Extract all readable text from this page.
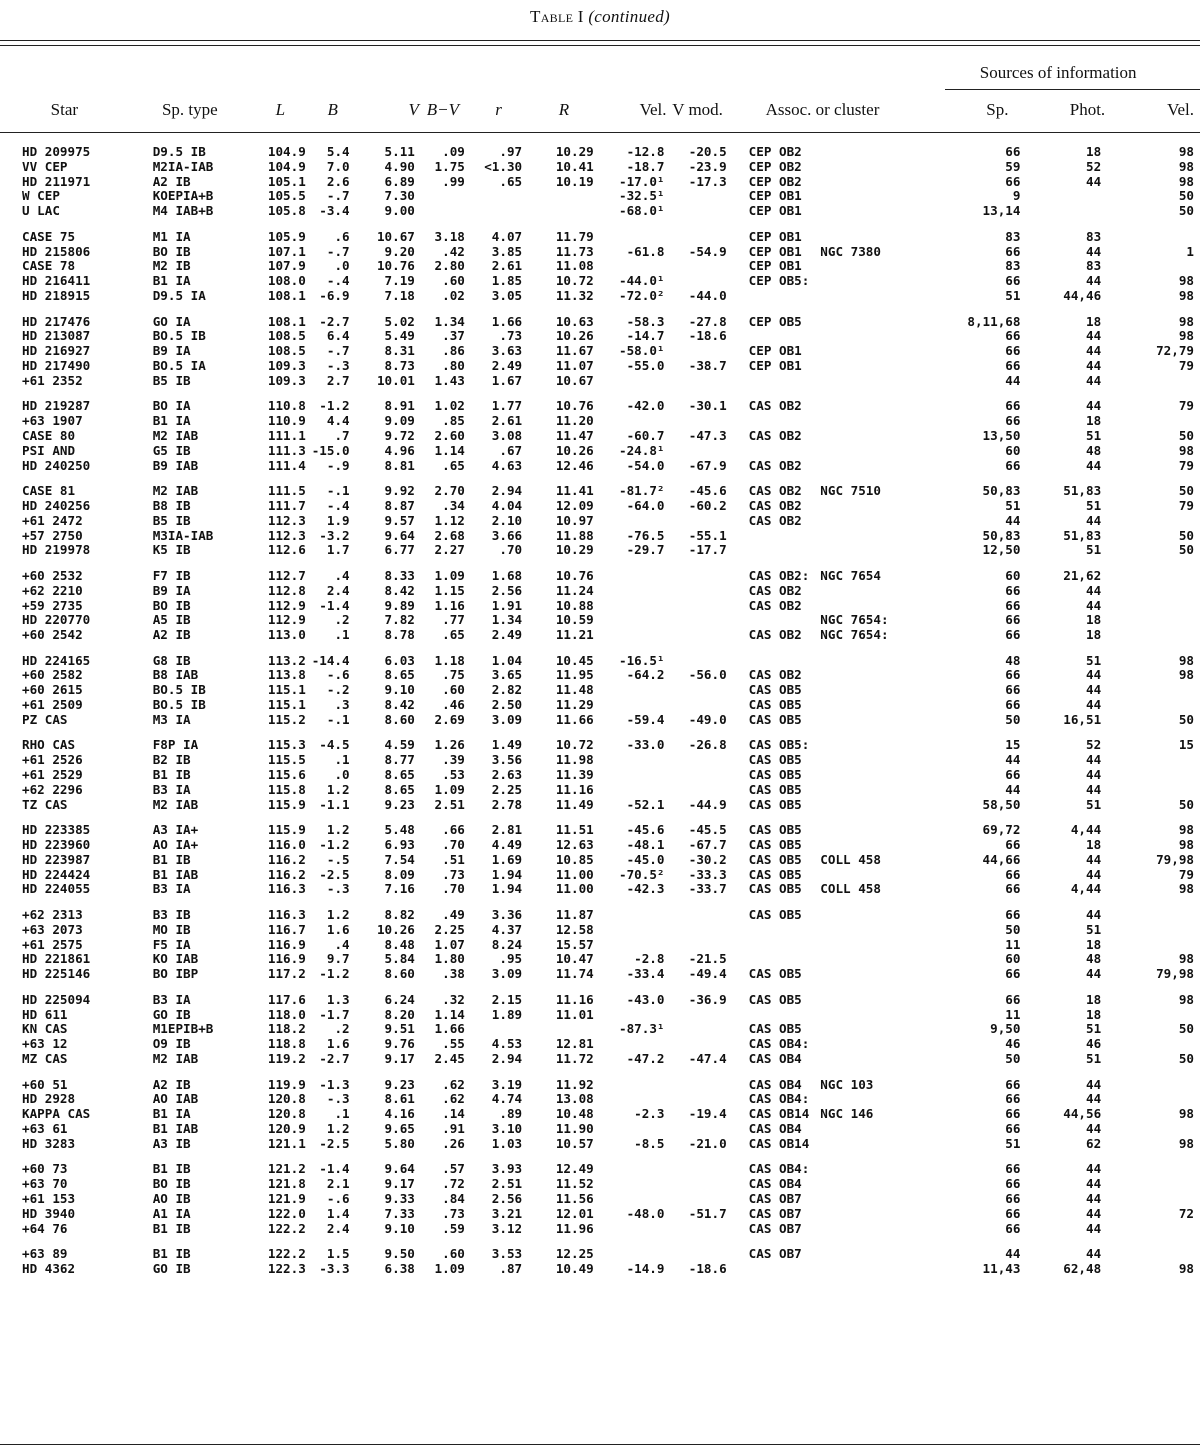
Table I (continued)
											Sources of information		
Star	Sp. type	L	B	V	B−V	r	R	Vel.	V mod.	Assoc. or cluster	Sp.	Phot.	Vel.
HD 209975	D9.5 IB	104.9	5.4	5.11	.09	.97	10.29	-12.8	-20.5	CEP OB2		66	18	98
VV CEP	M2IA-IAB	104.9	7.0	4.90	1.75	<1.30	10.41	-18.7	-23.9	CEP OB2		59	52	98
HD 211971	A2 IB	105.1	2.6	6.89	.99	.65	10.19	-17.0¹	-17.3	CEP OB2		66	44	98
W CEP	KOEPIA+B	105.5	-.7	7.30				-32.5¹		CEP OB1		9		50
U LAC	M4 IAB+B	105.8	-3.4	9.00				-68.0¹		CEP OB1		13,14		50

CASE 75	M1 IA	105.9	.6	10.67	3.18	4.07	11.79			CEP OB1		83	83	
HD 215806	BO IB	107.1	-.7	9.20	.42	3.85	11.73	-61.8	-54.9	CEP OB1	NGC 7380	66	44	1
CASE 78	M2 IB	107.9	.0	10.76	2.80	2.61	11.08			CEP OB1		83	83	
HD 216411	B1 IA	108.0	-.4	7.19	.60	1.85	10.72	-44.0¹		CEP OB5:		66	44	98
HD 218915	D9.5 IA	108.1	-6.9	7.18	.02	3.05	11.32	-72.0²	-44.0			51	44,46	98

HD 217476	GO IA	108.1	-2.7	5.02	1.34	1.66	10.63	-58.3	-27.8	CEP OB5		8,11,68	18	98
HD 213087	BO.5 IB	108.5	6.4	5.49	.37	.73	10.26	-14.7	-18.6			66	44	98
HD 216927	B9 IA	108.5	-.7	8.31	.86	3.63	11.67	-58.0¹		CEP OB1		66	44	72,79
HD 217490	BO.5 IA	109.3	-.3	8.73	.80	2.49	11.07	-55.0	-38.7	CEP OB1		66	44	79
+61 2352	B5 IB	109.3	2.7	10.01	1.43	1.67	10.67					44	44	

HD 219287	BO IA	110.8	-1.2	8.91	1.02	1.77	10.76	-42.0	-30.1	CAS OB2		66	44	79
+63 1907	B1 IA	110.9	4.4	9.09	.85	2.61	11.20					66	18	
CASE 80	M2 IAB	111.1	.7	9.72	2.60	3.08	11.47	-60.7	-47.3	CAS OB2		13,50	51	50
PSI AND	G5 IB	111.3	-15.0	4.96	1.14	.67	10.26	-24.8¹				60	48	98
HD 240250	B9 IAB	111.4	-.9	8.81	.65	4.63	12.46	-54.0	-67.9	CAS OB2		66	44	79

CASE 81	M2 IAB	111.5	-.1	9.92	2.70	2.94	11.41	-81.7²	-45.6	CAS OB2	NGC 7510	50,83	51,83	50
HD 240256	B8 IB	111.7	-.4	8.87	.34	4.04	12.09	-64.0	-60.2	CAS OB2		51	51	79
+61 2472	B5 IB	112.3	1.9	9.57	1.12	2.10	10.97			CAS OB2		44	44	
+57 2750	M3IA-IAB	112.3	-3.2	9.64	2.68	3.66	11.88	-76.5	-55.1			50,83	51,83	50
HD 219978	K5 IB	112.6	1.7	6.77	2.27	.70	10.29	-29.7	-17.7			12,50	51	50

+60 2532	F7 IB	112.7	.4	8.33	1.09	1.68	10.76			CAS OB2:	NGC 7654	60	21,62	
+62 2210	B9 IA	112.8	2.4	8.42	1.15	2.56	11.24			CAS OB2		66	44	
+59 2735	BO IB	112.9	-1.4	9.89	1.16	1.91	10.88			CAS OB2		66	44	
HD 220770	A5 IB	112.9	.2	7.82	.77	1.34	10.59				NGC 7654:	66	18	
+60 2542	A2 IB	113.0	.1	8.78	.65	2.49	11.21			CAS OB2	NGC 7654:	66	18	

HD 224165	G8 IB	113.2	-14.4	6.03	1.18	1.04	10.45	-16.5¹				48	51	98
+60 2582	B8 IAB	113.8	-.6	8.65	.75	3.65	11.95	-64.2	-56.0	CAS OB2		66	44	98
+60 2615	BO.5 IB	115.1	-.2	9.10	.60	2.82	11.48			CAS OB5		66	44	
+61 2509	BO.5 IB	115.1	.3	8.42	.46	2.50	11.29			CAS OB5		66	44	
PZ CAS	M3 IA	115.2	-.1	8.60	2.69	3.09	11.66	-59.4	-49.0	CAS OB5		50	16,51	50

RHO CAS	F8P IA	115.3	-4.5	4.59	1.26	1.49	10.72	-33.0	-26.8	CAS OB5:		15	52	15
+61 2526	B2 IB	115.5	.1	8.77	.39	3.56	11.98			CAS OB5		44	44	
+61 2529	B1 IB	115.6	.0	8.65	.53	2.63	11.39			CAS OB5		66	44	
+62 2296	B3 IA	115.8	1.2	8.65	1.09	2.25	11.16			CAS OB5		44	44	
TZ CAS	M2 IAB	115.9	-1.1	9.23	2.51	2.78	11.49	-52.1	-44.9	CAS OB5		58,50	51	50

HD 223385	A3 IA+	115.9	1.2	5.48	.66	2.81	11.51	-45.6	-45.5	CAS OB5		69,72	4,44	98
HD 223960	AO IA+	116.0	-1.2	6.93	.70	4.49	12.63	-48.1	-67.7	CAS OB5		66	18	98
HD 223987	B1 IB	116.2	-.5	7.54	.51	1.69	10.85	-45.0	-30.2	CAS OB5	COLL 458	44,66	44	79,98
HD 224424	B1 IAB	116.2	-2.5	8.09	.73	1.94	11.00	-70.5²	-33.3	CAS OB5		66	44	79
HD 224055	B3 IA	116.3	-.3	7.16	.70	1.94	11.00	-42.3	-33.7	CAS OB5	COLL 458	66	4,44	98

+62 2313	B3 IB	116.3	1.2	8.82	.49	3.36	11.87			CAS OB5		66	44	
+63 2073	MO IB	116.7	1.6	10.26	2.25	4.37	12.58					50	51	
+61 2575	F5 IA	116.9	.4	8.48	1.07	8.24	15.57					11	18	
HD 221861	KO IAB	116.9	9.7	5.84	1.80	.95	10.47	-2.8	-21.5			60	48	98
HD 225146	BO IBP	117.2	-1.2	8.60	.38	3.09	11.74	-33.4	-49.4	CAS OB5		66	44	79,98

HD 225094	B3 IA	117.6	1.3	6.24	.32	2.15	11.16	-43.0	-36.9	CAS OB5		66	18	98
HD 611	GO IB	118.0	-1.7	8.20	1.14	1.89	11.01					11	18	
KN CAS	M1EPIB+B	118.2	.2	9.51	1.66			-87.3¹		CAS OB5		9,50	51	50
+63 12	O9 IB	118.8	1.6	9.76	.55	4.53	12.81			CAS OB4:		46	46	
MZ CAS	M2 IAB	119.2	-2.7	9.17	2.45	2.94	11.72	-47.2	-47.4	CAS OB4		50	51	50

+60 51	A2 IB	119.9	-1.3	9.23	.62	3.19	11.92			CAS OB4	NGC 103	66	44	
HD 2928	AO IAB	120.8	-.3	8.61	.62	4.74	13.08			CAS OB4:		66	44	
KAPPA CAS	B1 IA	120.8	.1	4.16	.14	.89	10.48	-2.3	-19.4	CAS OB14	NGC 146	66	44,56	98
+63 61	B1 IAB	120.9	1.2	9.65	.91	3.10	11.90			CAS OB4		66	44	
HD 3283	A3 IB	121.1	-2.5	5.80	.26	1.03	10.57	-8.5	-21.0	CAS OB14		51	62	98

+60 73	B1 IB	121.2	-1.4	9.64	.57	3.93	12.49			CAS OB4:		66	44	
+63 70	BO IB	121.8	2.1	9.17	.72	2.51	11.52			CAS OB4		66	44	
+61 153	AO IB	121.9	-.6	9.33	.84	2.56	11.56			CAS OB7		66	44	
HD 3940	A1 IA	122.0	1.4	7.33	.73	3.21	12.01	-48.0	-51.7	CAS OB7		66	44	72
+64 76	B1 IB	122.2	2.4	9.10	.59	3.12	11.96			CAS OB7		66	44	

+63 89	B1 IB	122.2	1.5	9.50	.60	3.53	12.25			CAS OB7		44	44	
HD 4362	GO IB	122.3	-3.3	6.38	1.09	.87	10.49	-14.9	-18.6			11,43	62,48	98
